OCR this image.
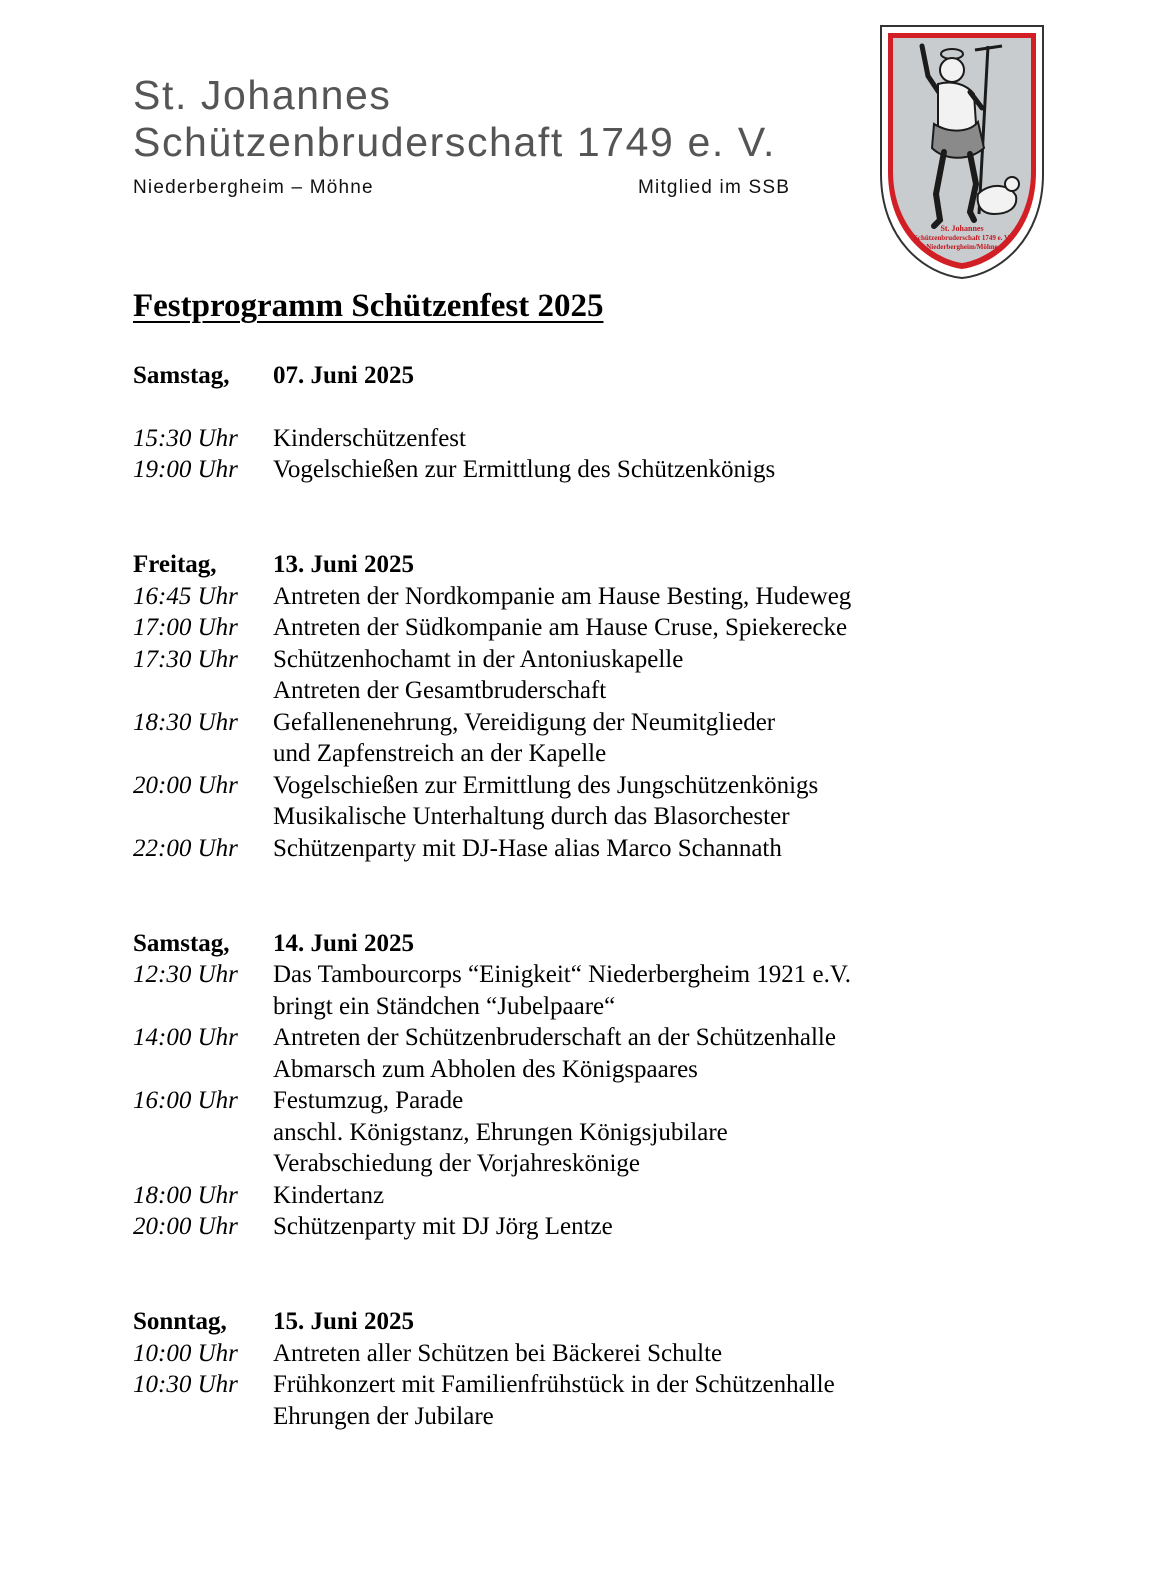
St. Johannes
Schützenbruderschaft 1749 e. V.
Niederbergheim – Möhne	Mitglied im SSB
St. Johannes
Schützenbruderschaft 1749 e. V.
Niederbergheim/Möhne
Festprogramm Schützenfest 2025
Samstag, 07. Juni 2025
15:30 Uhr Kinderschützenfest
19:00 Uhr Vogelschießen zur Ermittlung des Schützenkönigs
Freitag, 13. Juni 2025
16:45 Uhr Antreten der Nordkompanie am Hause Besting, Hudeweg
17:00 Uhr Antreten der Südkompanie am Hause Cruse, Spiekerecke
17:30 Uhr Schützenhochamt in der Antoniuskapelle
Antreten der Gesamtbruderschaft
18:30 Uhr Gefallenenehrung, Vereidigung der Neumitglieder
und Zapfenstreich an der Kapelle
20:00 Uhr Vogelschießen zur Ermittlung des Jungschützenkönigs
Musikalische Unterhaltung durch das Blasorchester
22:00 Uhr Schützenparty mit DJ-Hase alias Marco Schannath
Samstag, 14. Juni 2025
12:30 Uhr Das Tambourcorps “Einigkeit“ Niederbergheim 1921 e.V.
bringt ein Ständchen “Jubelpaare“
14:00 Uhr Antreten der Schützenbruderschaft an der Schützenhalle
Abmarsch zum Abholen des Königspaares
16:00 Uhr Festumzug, Parade
anschl. Königstanz, Ehrungen Königsjubilare
Verabschiedung der Vorjahreskönige
18:00 Uhr Kindertanz
20:00 Uhr Schützenparty mit DJ Jörg Lentze
Sonntag, 15. Juni 2025
10:00 Uhr Antreten aller Schützen bei Bäckerei Schulte
10:30 Uhr Frühkonzert mit Familienfrühstück in der Schützenhalle
Ehrungen der Jubilare
